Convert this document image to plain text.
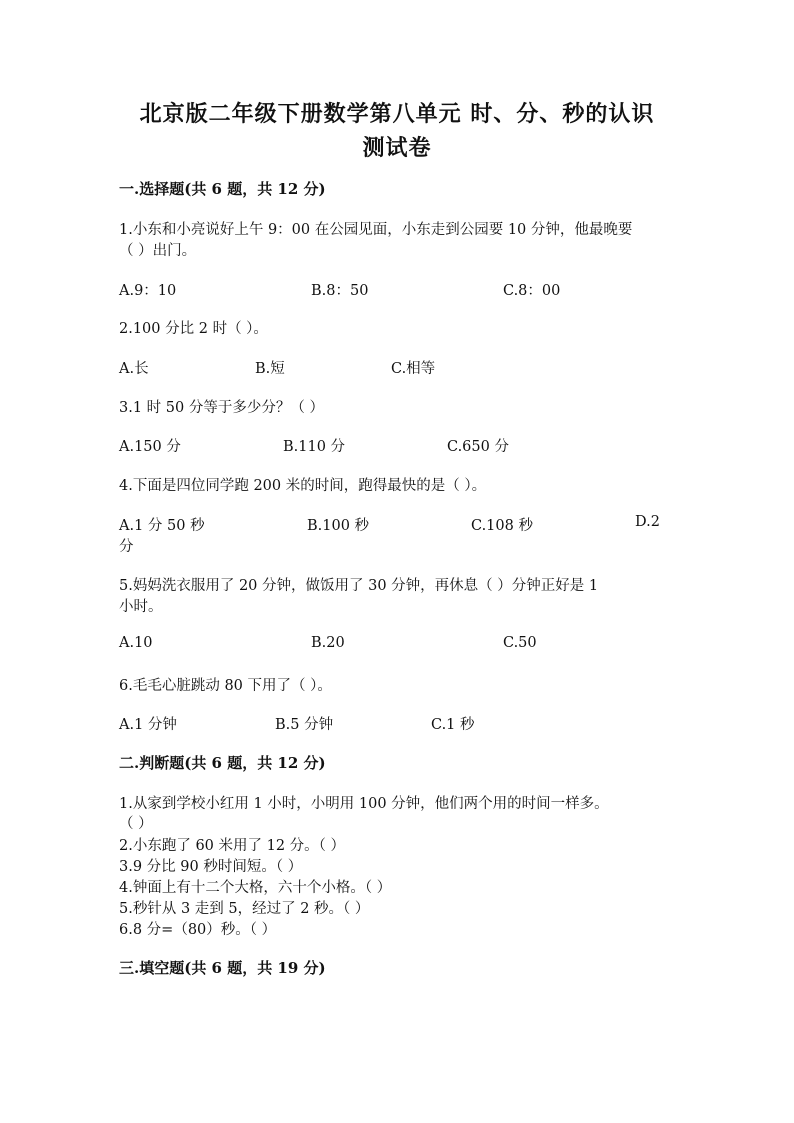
北京版二年级下册数学第八单元 时、分、秒的认识
测试卷
一.选择题(共 6 题，共 12 分)
1.小东和小亮说好上午 9：00 在公园见面，小东走到公园要 10 分钟，他最晚要
（ ）出门。
A.9：10	B.8：50	C.8：00
2.100 分比 2 时（ ）。
A.长	B.短	C.相等
3.1 时 50 分等于多少分？（ ）
A.150 分	B.110 分	C.650 分
4.下面是四位同学跑 200 米的时间，跑得最快的是（ ）。
A.1 分 50 秒	B.100 秒	C.108 秒	D.2
分
5.妈妈洗衣服用了 20 分钟，做饭用了 30 分钟，再休息（ ）分钟正好是 1
小时。
A.10	B.20	C.50
6.毛毛心脏跳动 80 下用了（ ）。
A.1 分钟	B.5 分钟	C.1 秒
二.判断题(共 6 题，共 12 分)
1.从家到学校小红用 1 小时，小明用 100 分钟，他们两个用的时间一样多。
（ ）
2.小东跑了 60 米用了 12 分。（ ）
3.9 分比 90 秒时间短。（ ）
4.钟面上有十二个大格，六十个小格。（ ）
5.秒针从 3 走到 5，经过了 2 秒。（ ）
6.8 分=（80）秒。（ ）
三.填空题(共 6 题，共 19 分)
